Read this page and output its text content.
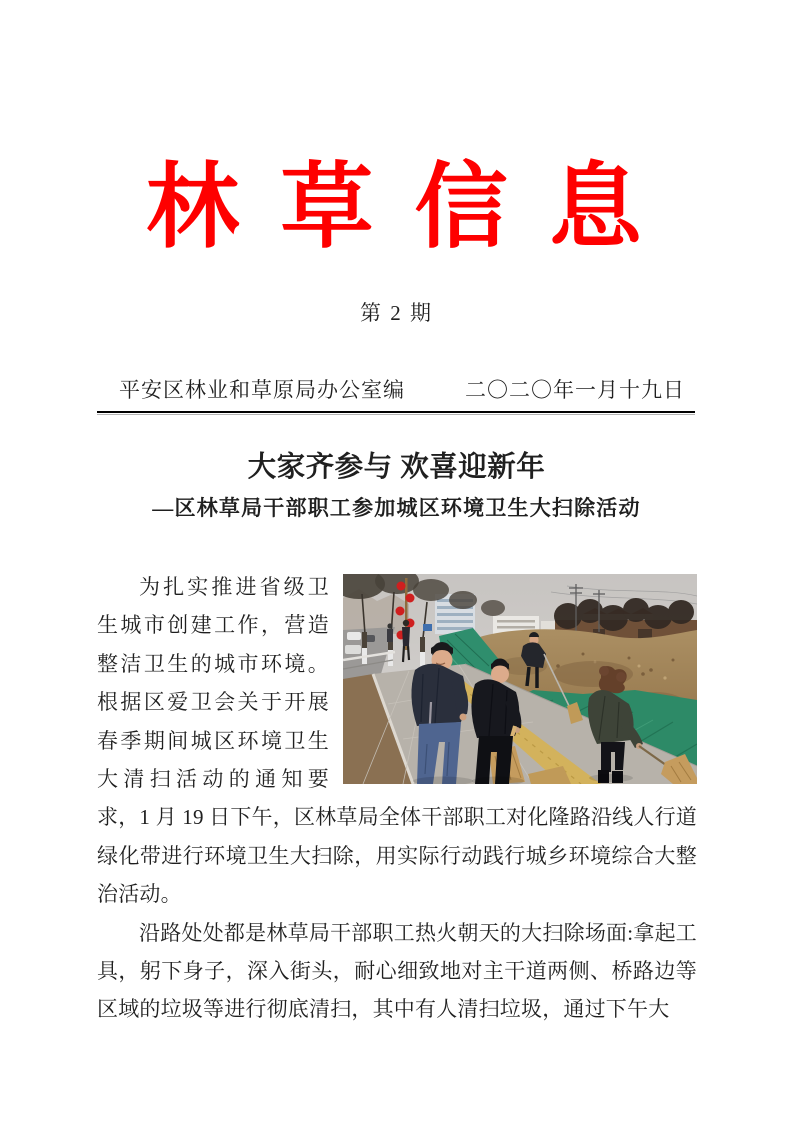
林 草 信 息
第 2 期
平安区林业和草原局办公室编	二〇二〇年一月十九日
大家齐参与 欢喜迎新年
—区林草局干部职工参加城区环境卫生大扫除活动

为扎实推进省级卫生城市创建工作，营造整洁卫生的城市环境。根据区爱卫会关于开展春季期间城区环境卫生大清扫活动的通知要求，1 月 19 日下午，区林草局全体干部职工对化隆路沿线人行道绿化带进行环境卫生大扫除，用实际行动践行城乡环境综合大整治活动。

沿路处处都是林草局干部职工热火朝天的大扫除场面:拿起工具，躬下身子，深入街头，耐心细致地对主干道两侧、桥路边等区域的垃圾等进行彻底清扫，其中有人清扫垃圾，通过下午大
